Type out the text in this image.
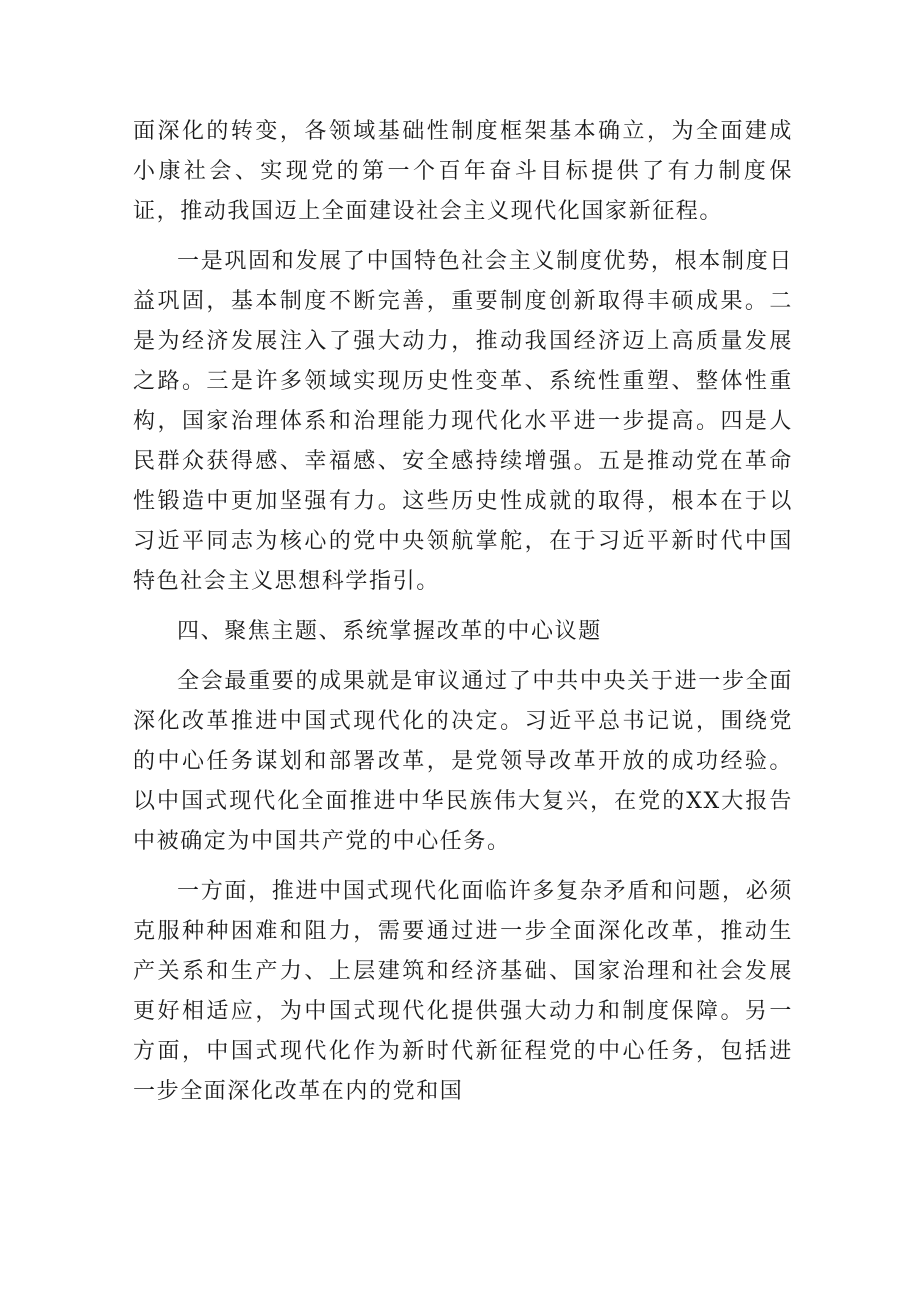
面深化的转变，各领域基础性制度框架基本确立，为全面建成小康社会、实现党的第一个百年奋斗目标提供了有力制度保证，推动我国迈上全面建设社会主义现代化国家新征程。

一是巩固和发展了中国特色社会主义制度优势，根本制度日益巩固，基本制度不断完善，重要制度创新取得丰硕成果。二是为经济发展注入了强大动力，推动我国经济迈上高质量发展之路。三是许多领域实现历史性变革、系统性重塑、整体性重构，国家治理体系和治理能力现代化水平进一步提高。四是人民群众获得感、幸福感、安全感持续增强。五是推动党在革命性锻造中更加坚强有力。这些历史性成就的取得，根本在于以习近平同志为核心的党中央领航掌舵，在于习近平新时代中国特色社会主义思想科学指引。

四、聚焦主题、系统掌握改革的中心议题

全会最重要的成果就是审议通过了中共中央关于进一步全面深化改革推进中国式现代化的决定。习近平总书记说，围绕党的中心任务谋划和部署改革，是党领导改革开放的成功经验。以中国式现代化全面推进中华民族伟大复兴，在党的XX大报告中被确定为中国共产党的中心任务。

一方面，推进中国式现代化面临许多复杂矛盾和问题，必须克服种种困难和阻力，需要通过进一步全面深化改革，推动生产关系和生产力、上层建筑和经济基础、国家治理和社会发展更好相适应，为中国式现代化提供强大动力和制度保障。另一方面，中国式现代化作为新时代新征程党的中心任务，包括进一步全面深化改革在内的党和国
